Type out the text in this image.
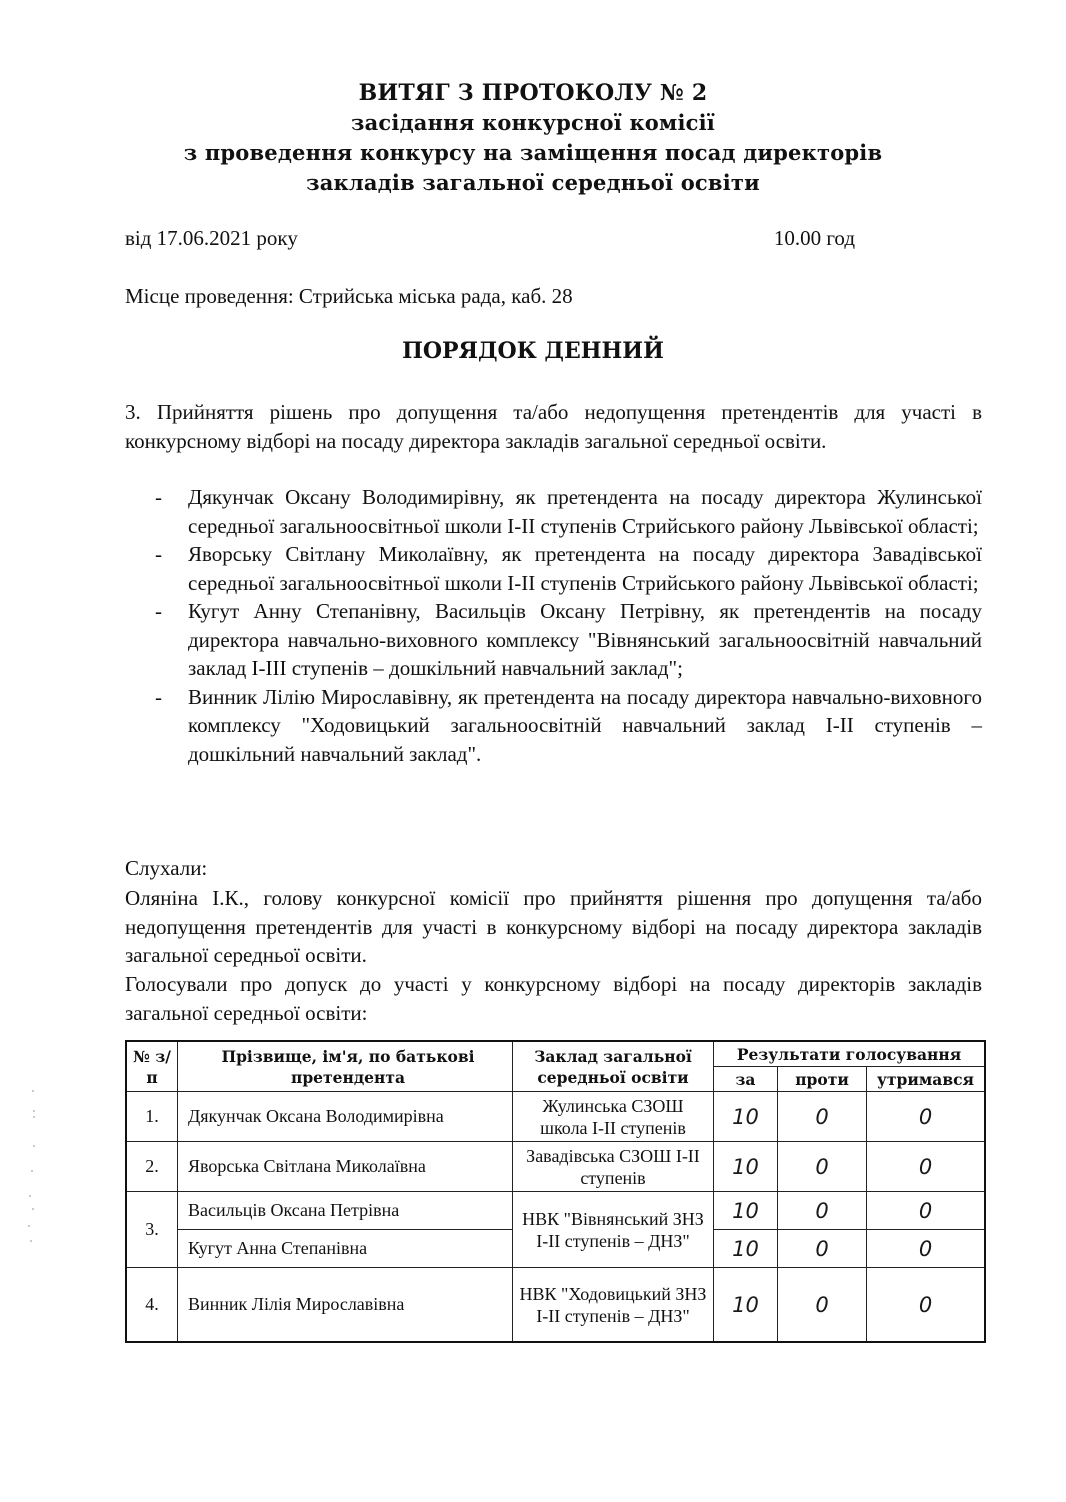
ВИТЯГ З ПРОТОКОЛУ № 2
засідання конкурсної комісії
з проведення конкурсу на заміщення посад директорів
закладів загальної середньої освіти
від 17.06.2021 року	10.00 год
Місце проведення: Стрийська міська рада, каб. 28
ПОРЯДОК ДЕННИЙ
3. Прийняття рішень про допущення та/або недопущення претендентів для участі в конкурсному відборі на посаду директора закладів загальної середньої освіти.
- Дякунчак Оксану Володимирівну, як претендента на посаду директора Жулинської середньої загальноосвітньої школи І-ІІ ступенів Стрийського району Львівської області;
- Яворську Світлану Миколаївну, як претендента на посаду директора Завадівської середньої загальноосвітньої школи І-ІІ ступенів Стрийського району Львівської області;
- Кугут Анну Степанівну, Васильців Оксану Петрівну, як претендентів на посаду директора навчально-виховного комплексу "Вівнянський загальноосвітній навчальний заклад І-ІІІ ступенів – дошкільний навчальний заклад";
- Винник Лілію Мирославівну, як претендента на посаду директора навчально-виховного комплексу "Ходовицький загальноосвітній навчальний заклад І-ІІ ступенів – дошкільний навчальний заклад".
Слухали:
Оляніна І.К., голову конкурсної комісії про прийняття рішення про допущення та/або недопущення претендентів для участі в конкурсному відборі на посаду директора закладів загальної середньої освіти.
Голосували про допуск до участі у конкурсному відборі на посаду директорів закладів загальної середньої освіти:
№ з/п	Прізвище, ім'я, по батькові претендента	Заклад загальної середньої освіти	Результати голосування		
			за	проти	утримався
1.	Дякунчак Оксана Володимирівна	Жулинська СЗОШ школа І-ІІ ступенів	10	0	0
2.	Яворська Світлана Миколаївна	Завадівська СЗОШ І-ІІ ступенів	10	0	0
3.	Васильців Оксана Петрівна	НВК "Вівнянський ЗНЗ І-ІІ ступенів – ДНЗ"	10	0	0
	Кугут Анна Степанівна		10	0	0
4.	Винник Лілія Мирославівна	НВК "Ходовицький ЗНЗ І-ІІ ступенів – ДНЗ"	10	0	0
